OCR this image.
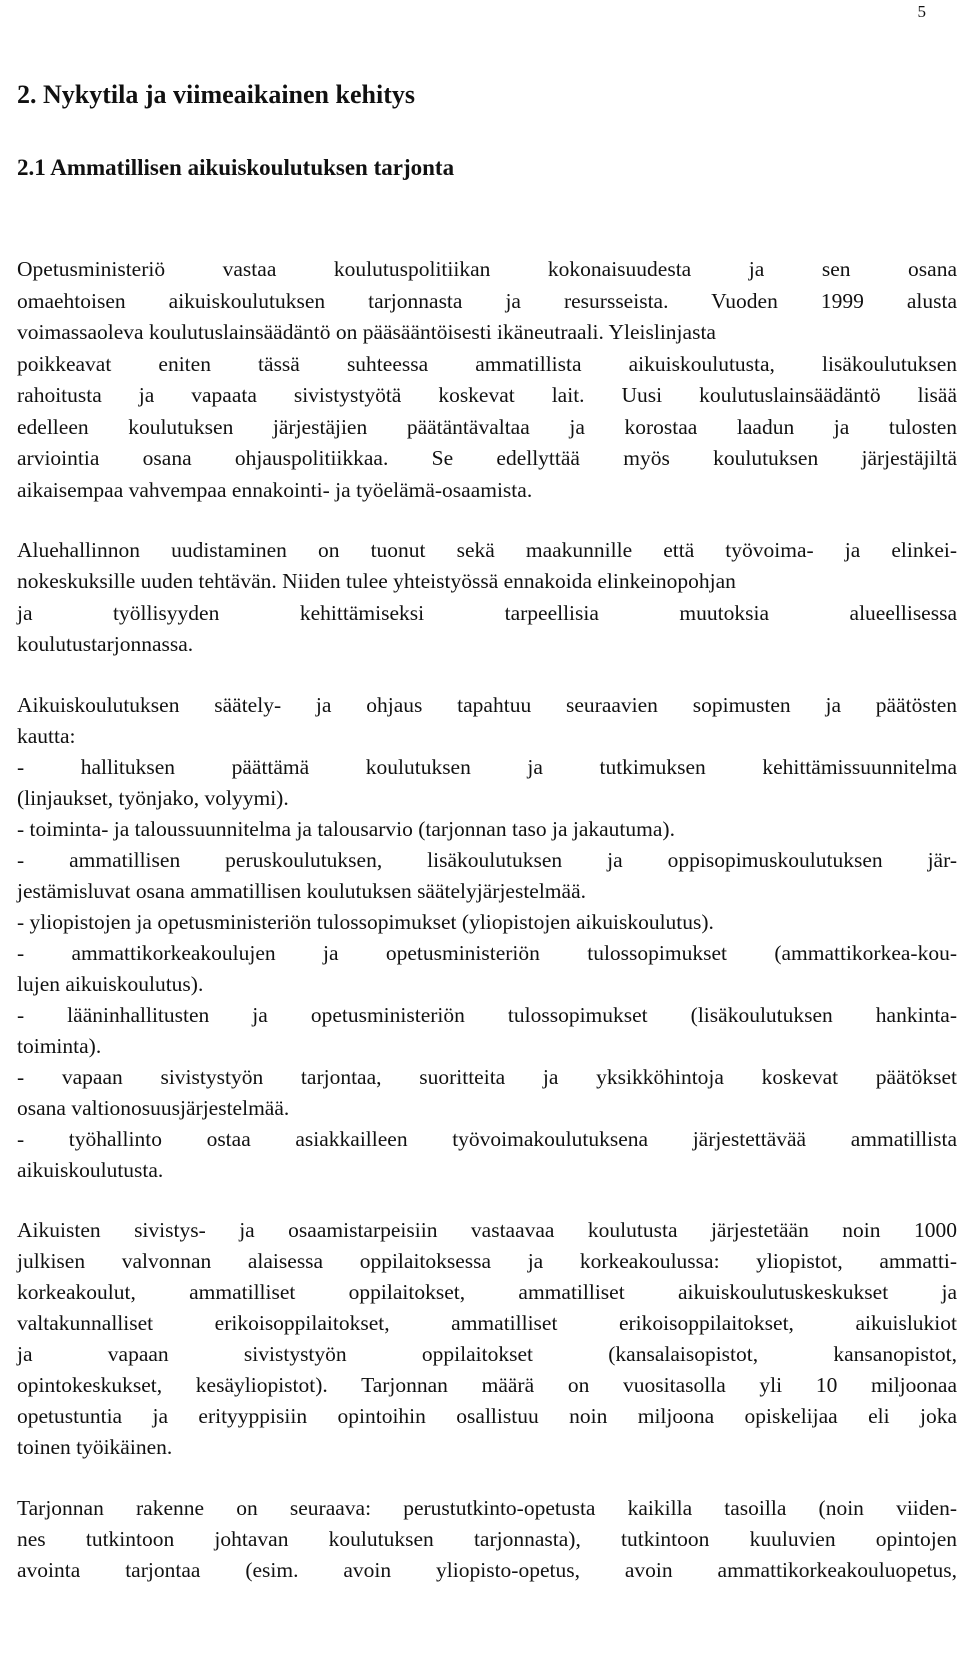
5
2. Nykytila ja viimeaikainen kehitys
2.1 Ammatillisen aikuiskoulutuksen tarjonta
Opetusministeriö vastaa koulutuspolitiikan kokonaisuudesta ja sen osana
omaehtoisen aikuiskoulutuksen tarjonnasta ja resursseista. Vuoden 1999 alusta
voimassaoleva koulutuslainsäädäntö on pääsääntöisesti ikäneutraali. Yleislinjasta
poikkeavat eniten tässä suhteessa ammatillista aikuiskoulutusta, lisäkoulutuksen
rahoitusta ja vapaata sivistystyötä koskevat lait. Uusi koulutuslainsäädäntö lisää
edelleen koulutuksen järjestäjien päätäntävaltaa ja korostaa laadun ja tulosten
arviointia osana ohjauspolitiikkaa. Se edellyttää myös koulutuksen järjestäjiltä
aikaisempaa vahvempaa ennakointi- ja työelämä-osaamista.
Aluehallinnon uudistaminen on tuonut sekä maakunnille että työvoima- ja elinkei-
nokeskuksille uuden tehtävän. Niiden tulee yhteistyössä ennakoida elinkeinopohjan
ja työllisyyden kehittämiseksi tarpeellisia muutoksia alueellisessa
koulutustarjonnassa.
Aikuiskoulutuksen säätely- ja ohjaus tapahtuu seuraavien sopimusten ja päätösten
kautta:
- hallituksen päättämä koulutuksen ja tutkimuksen kehittämissuunnitelma
(linjaukset, työnjako, volyymi).
- toiminta- ja taloussuunnitelma ja talousarvio (tarjonnan taso ja jakautuma).
- ammatillisen peruskoulutuksen, lisäkoulutuksen ja oppisopimuskoulutuksen jär-
jestämisluvat osana ammatillisen koulutuksen säätelyjärjestelmää.
- yliopistojen ja opetusministeriön tulossopimukset (yliopistojen aikuiskoulutus).
- ammattikorkeakoulujen ja opetusministeriön tulossopimukset (ammattikorkea-kou-
lujen aikuiskoulutus).
- lääninhallitusten ja opetusministeriön tulossopimukset (lisäkoulutuksen hankinta-
toiminta).
- vapaan sivistystyön tarjontaa, suoritteita ja yksikköhintoja koskevat päätökset
osana valtionosuusjärjestelmää.
- työhallinto ostaa asiakkailleen työvoimakoulutuksena järjestettävää ammatillista
aikuiskoulutusta.
Aikuisten sivistys- ja osaamistarpeisiin vastaavaa koulutusta järjestetään noin 1000
julkisen valvonnan alaisessa oppilaitoksessa ja korkeakoulussa: yliopistot, ammatti-
korkeakoulut, ammatilliset oppilaitokset, ammatilliset aikuiskoulutuskeskukset ja
valtakunnalliset erikoisoppilaitokset, ammatilliset erikoisoppilaitokset, aikuislukiot
ja vapaan sivistystyön oppilaitokset (kansalaisopistot, kansanopistot,
opintokeskukset, kesäyliopistot). Tarjonnan määrä on vuositasolla yli 10 miljoonaa
opetustuntia ja erityyppisiin opintoihin osallistuu noin miljoona opiskelijaa eli joka
toinen työikäinen.
Tarjonnan rakenne on seuraava: perustutkinto-opetusta kaikilla tasoilla (noin viiden-
nes tutkintoon johtavan koulutuksen tarjonnasta), tutkintoon kuuluvien opintojen
avointa tarjontaa (esim. avoin yliopisto-opetus, avoin ammattikorkeakouluopetus,
